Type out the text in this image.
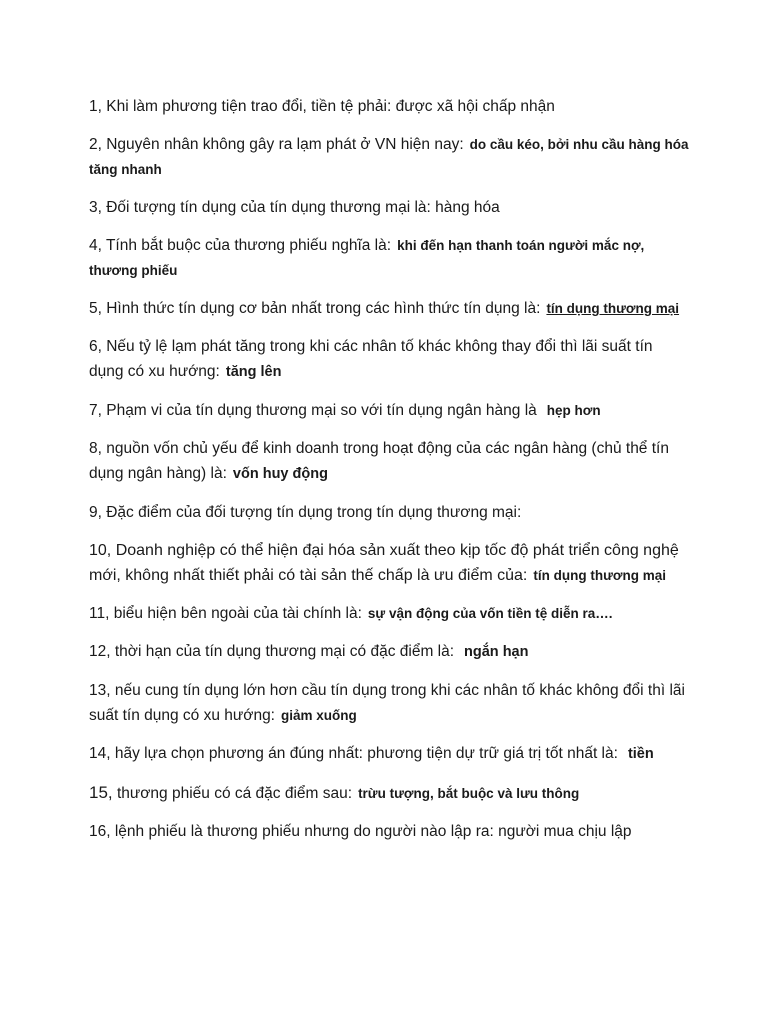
1, Khi làm phương tiện trao đổi, tiền tệ phải: được xã hội chấp nhận

2, Nguyên nhân không gây ra lạm phát ở VN hiện nay: do cầu kéo, bởi nhu cầu hàng hóa tăng nhanh

3, Đối tượng tín dụng của tín dụng thương mại là: hàng hóa

4, Tính bắt buộc của thương phiếu nghĩa là: khi đến hạn thanh toán người mắc nợ, thương phiếu

5, Hình thức tín dụng cơ bản nhất trong các hình thức tín dụng là: tín dụng thương mại

6, Nếu tỷ lệ lạm phát tăng trong khi các nhân tố khác không thay đổi thì lãi suất tín dụng có xu hướng: tăng lên

7, Phạm vi của tín dụng thương mại so với tín dụng ngân hàng là hẹp hơn

8, nguồn vốn chủ yếu để kinh doanh trong hoạt động của các ngân hàng (chủ thể tín dụng ngân hàng) là: vốn huy động

9, Đặc điểm của đối tượng tín dụng trong tín dụng thương mại:

10, Doanh nghiệp có thể hiện đại hóa sản xuất theo kịp tốc độ phát triển công nghệ mới, không nhất thiết phải có tài sản thế chấp là ưu điểm của: tín dụng thương mại

11, biểu hiện bên ngoài của tài chính là: sự vận động của vốn tiền tệ diễn ra….

12, thời hạn của tín dụng thương mại có đặc điểm là: ngắn hạn

13, nếu cung tín dụng lớn hơn cầu tín dụng trong khi các nhân tố khác không đổi thì lãi suất tín dụng có xu hướng: giảm xuống

14, hãy lựa chọn phương án đúng nhất: phương tiện dự trữ giá trị tốt nhất là: tiền

15, thương phiếu có cá đặc điểm sau: trừu tượng, bắt buộc và lưu thông

16, lệnh phiếu là thương phiếu nhưng do người nào lập ra: người mua chịu lập
